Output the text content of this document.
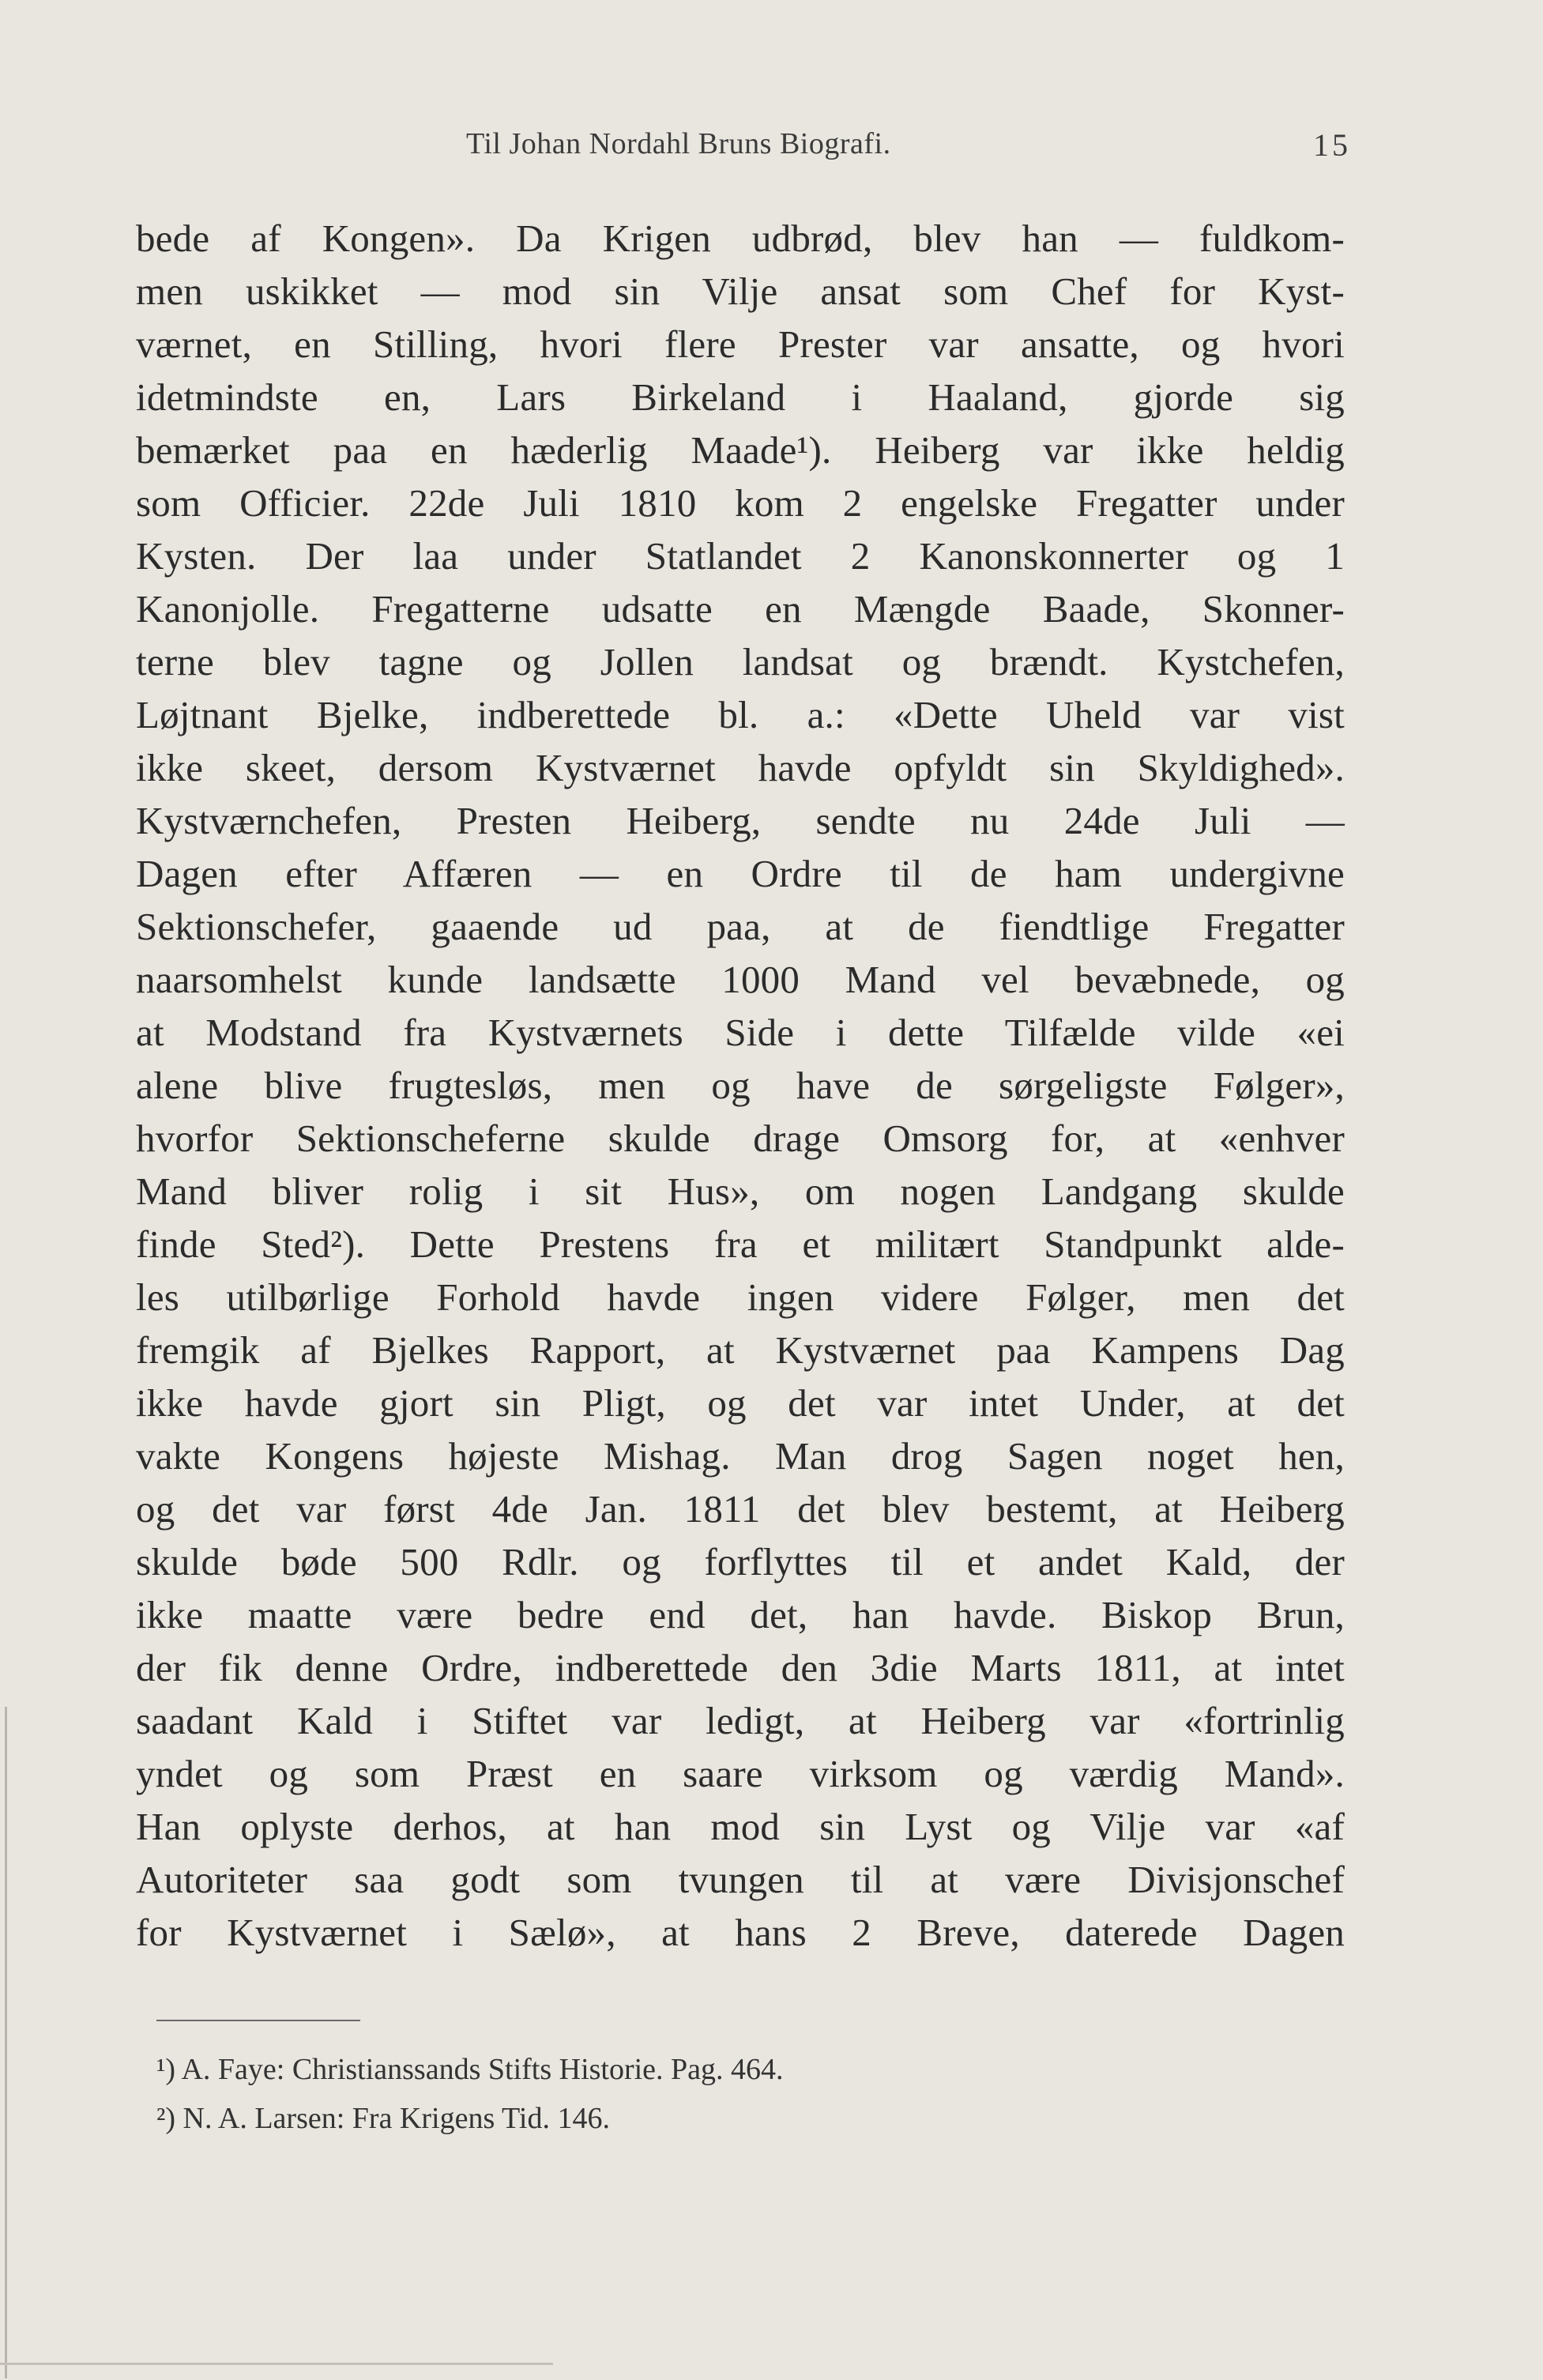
Til Johan Nordahl Bruns Biografi.	15
bede af Kongen». Da Krigen udbrød, blev han — fuldkom-
men uskikket — mod sin Vilje ansat som Chef for Kyst-
værnet, en Stilling, hvori flere Prester var ansatte, og hvori
idetmindste en, Lars Birkeland i Haaland, gjorde sig
bemærket paa en hæderlig Maade¹). Heiberg var ikke heldig
som Officier. 22de Juli 1810 kom 2 engelske Fregatter under
Kysten. Der laa under Statlandet 2 Kanonskonnerter og 1
Kanonjolle. Fregatterne udsatte en Mængde Baade, Skonner-
terne blev tagne og Jollen landsat og brændt. Kystchefen,
Løjtnant Bjelke, indberettede bl. a.: «Dette Uheld var vist
ikke skeet, dersom Kystværnet havde opfyldt sin Skyldighed».
Kystværnchefen, Presten Heiberg, sendte nu 24de Juli —
Dagen efter Affæren — en Ordre til de ham undergivne
Sektionschefer, gaaende ud paa, at de fiendtlige Fregatter
naarsomhelst kunde landsætte 1000 Mand vel bevæbnede, og
at Modstand fra Kystværnets Side i dette Tilfælde vilde «ei
alene blive frugtesløs, men og have de sørgeligste Følger»,
hvorfor Sektionscheferne skulde drage Omsorg for, at «enhver
Mand bliver rolig i sit Hus», om nogen Landgang skulde
finde Sted²). Dette Prestens fra et militært Standpunkt alde-
les utilbørlige Forhold havde ingen videre Følger, men det
fremgik af Bjelkes Rapport, at Kystværnet paa Kampens Dag
ikke havde gjort sin Pligt, og det var intet Under, at det
vakte Kongens højeste Mishag. Man drog Sagen noget hen,
og det var først 4de Jan. 1811 det blev bestemt, at Heiberg
skulde bøde 500 Rdlr. og forflyttes til et andet Kald, der
ikke maatte være bedre end det, han havde. Biskop Brun,
der fik denne Ordre, indberettede den 3die Marts 1811, at intet
saadant Kald i Stiftet var ledigt, at Heiberg var «fortrinlig
yndet og som Præst en saare virksom og værdig Mand».
Han oplyste derhos, at han mod sin Lyst og Vilje var «af
Autoriteter saa godt som tvungen til at være Divisjonschef
for Kystværnet i Sælø», at hans 2 Breve, daterede Dagen
¹) A. Faye: Christianssands Stifts Historie. Pag. 464.
²) N. A. Larsen: Fra Krigens Tid. 146.
